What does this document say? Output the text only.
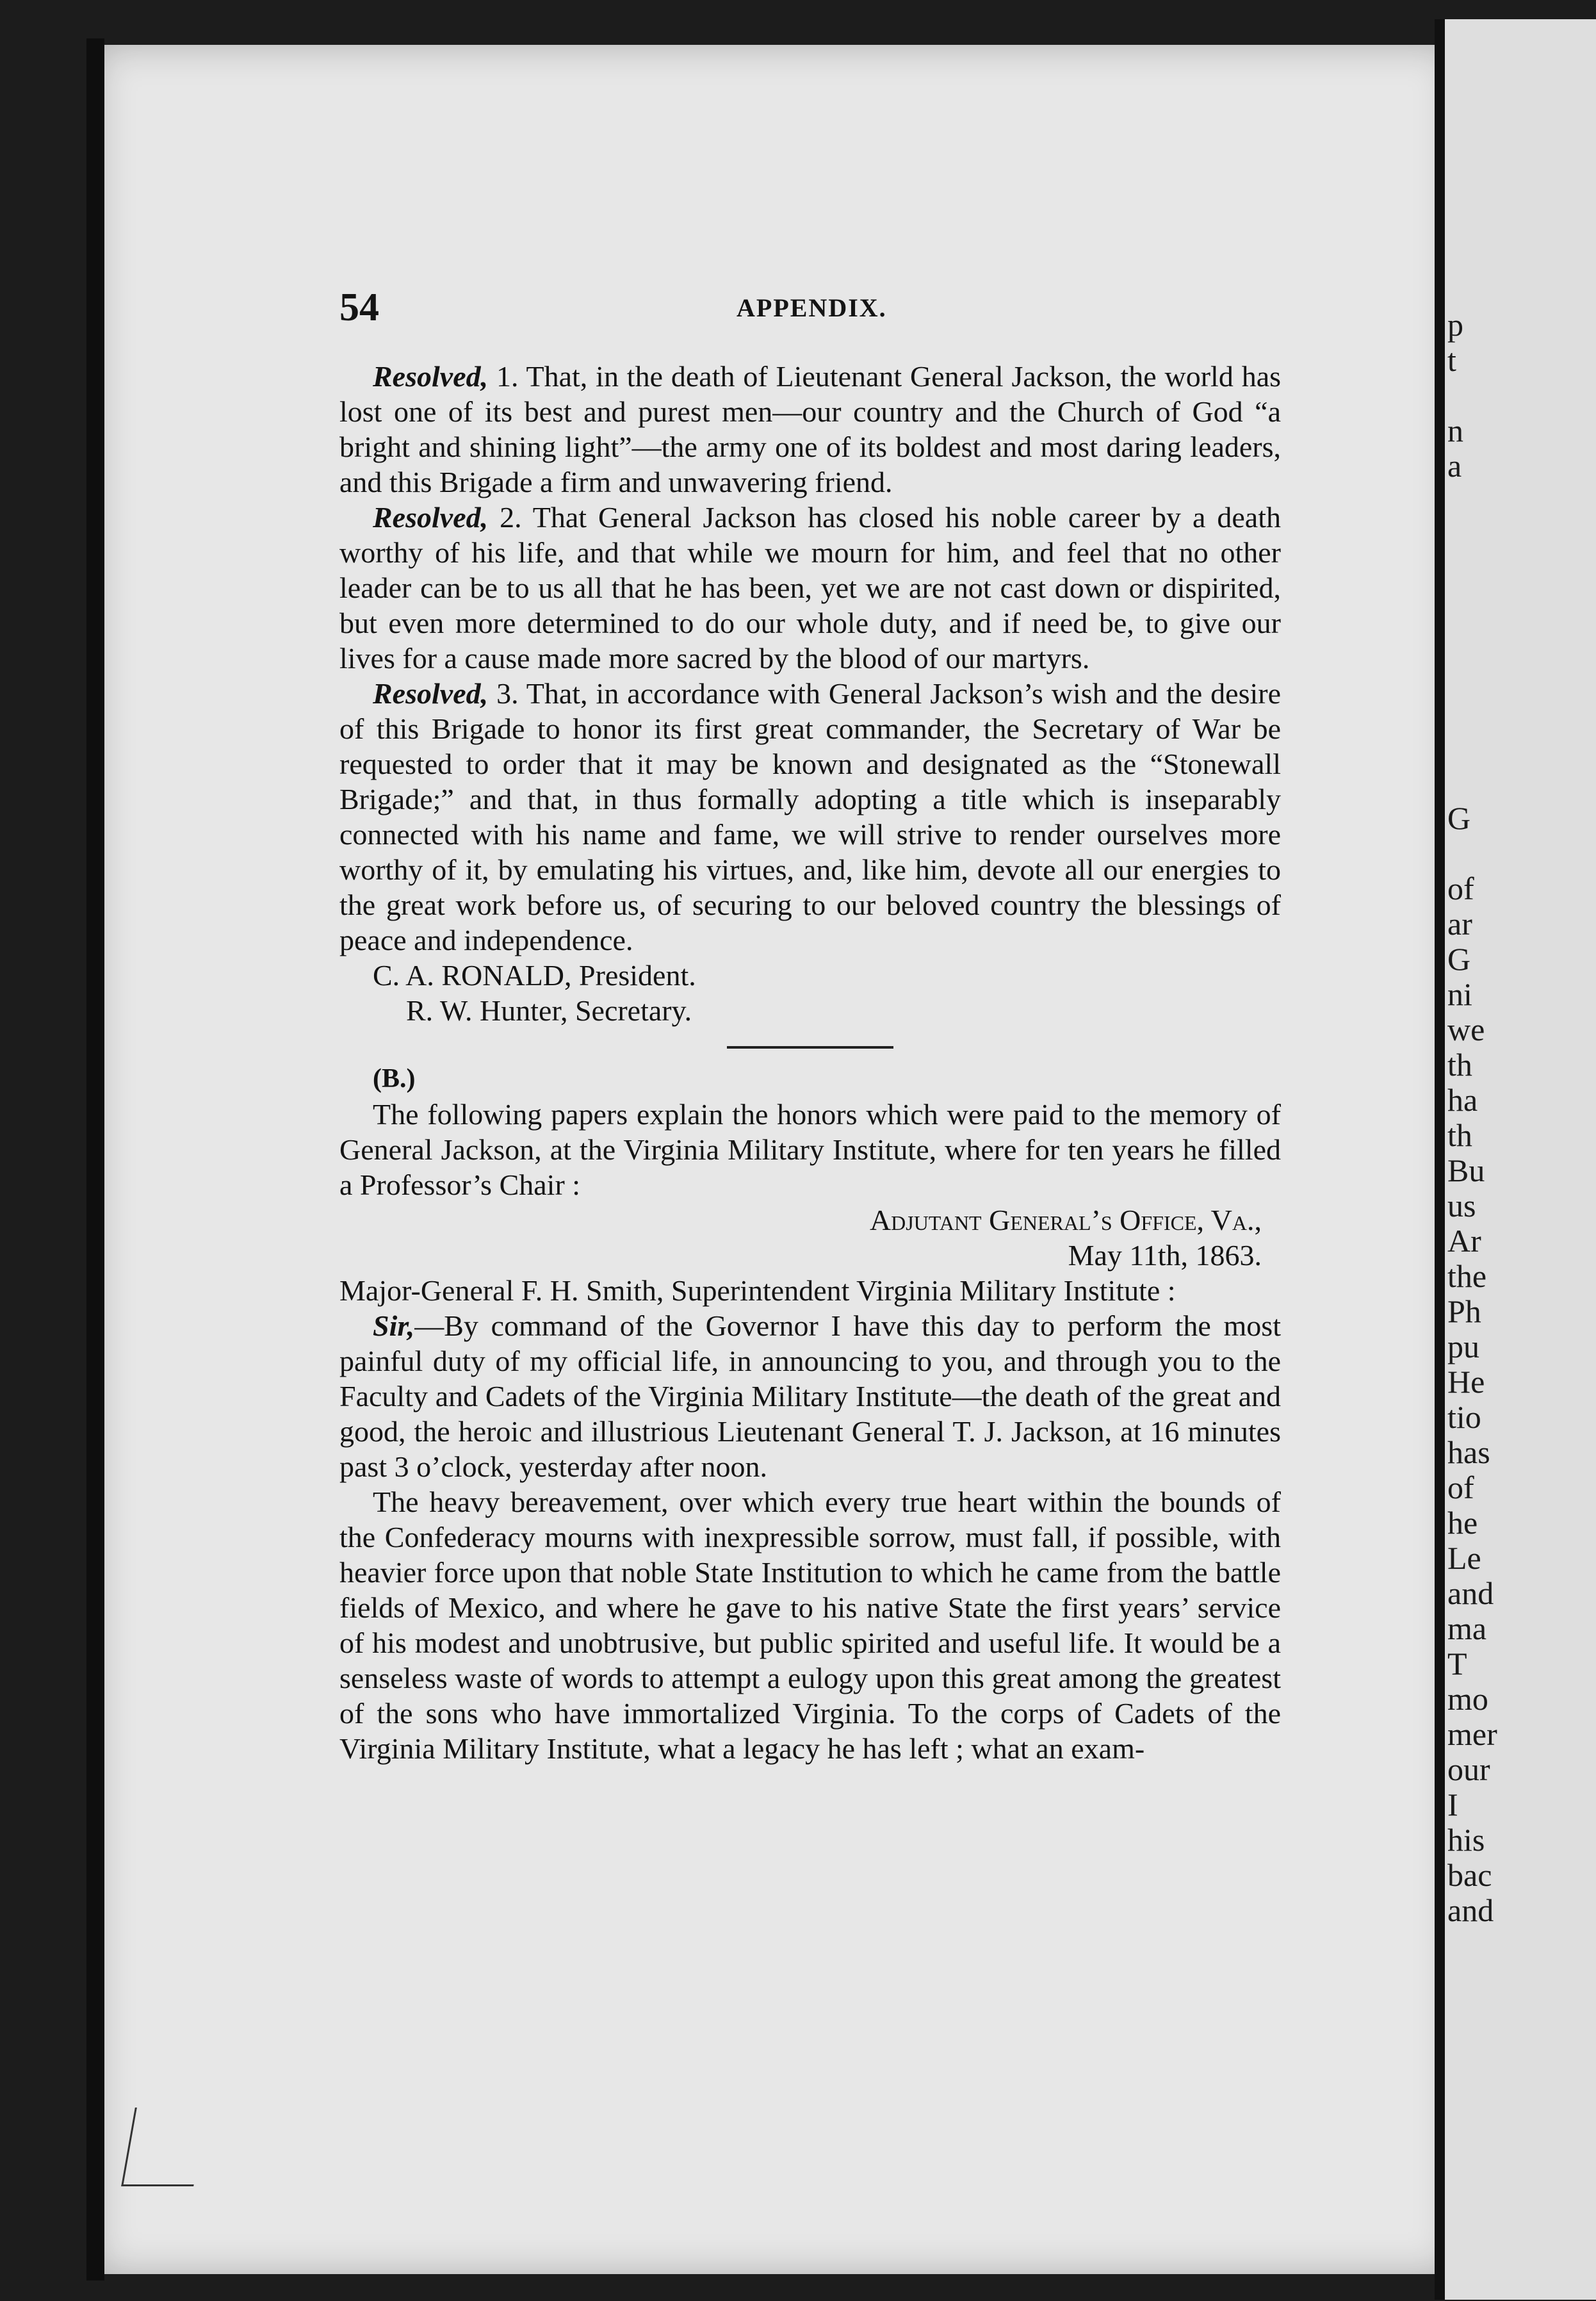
p
t
n
a
G
of
ar
G
ni
we
th
ha
th
Bu
us
Ar
the
Ph
pu
He
tio
has
of
he
Le
and
ma
T
mo
mer
our
I
his
bac
and
54	APPENDIX.

Resolved, 1. That, in the death of Lieutenant General Jackson, the world has lost one of its best and purest men—our country and the Church of God “a bright and shining light”—the army one of its boldest and most daring leaders, and this Brigade a firm and unwavering friend.

Resolved, 2. That General Jackson has closed his noble career by a death worthy of his life, and that while we mourn for him, and feel that no other leader can be to us all that he has been, yet we are not cast down or dispirited, but even more determined to do our whole duty, and if need be, to give our lives for a cause made more sacred by the blood of our martyrs.

Resolved, 3. That, in accordance with General Jackson’s wish and the desire of this Brigade to honor its first great commander, the Secretary of War be requested to order that it may be known and designated as the “Stonewall Brigade;” and that, in thus formally adopting a title which is inseparably connected with his name and fame, we will strive to render ourselves more worthy of it, by emulating his virtues, and, like him, devote all our energies to the great work before us, of securing to our beloved country the blessings of peace and independence.

C. A. RONALD, President.

R. W. Hunter, Secretary.

(B.)

The following papers explain the honors which were paid to the memory of General Jackson, at the Virginia Military Institute, where for ten years he filled a Professor’s Chair :

Adjutant General’s Office, Va.,
May 11th, 1863.

Major-General F. H. Smith, Superintendent Virginia Military Institute :

Sir,—By command of the Governor I have this day to perform the most painful duty of my official life, in announcing to you, and through you to the Faculty and Cadets of the Virginia Military Institute—the death of the great and good, the heroic and illustrious Lieutenant General T. J. Jackson, at 16 minutes past 3 o’clock, yesterday after noon.

The heavy bereavement, over which every true heart within the bounds of the Confederacy mourns with inexpressible sorrow, must fall, if possible, with heavier force upon that noble State Institution to which he came from the battle fields of Mexico, and where he gave to his native State the first years’ service of his modest and unobtrusive, but public spirited and useful life. It would be a senseless waste of words to attempt a eulogy upon this great among the greatest of the sons who have immortalized Virginia. To the corps of Cadets of the Virginia Military Institute, what a legacy he has left ; what an exam-
